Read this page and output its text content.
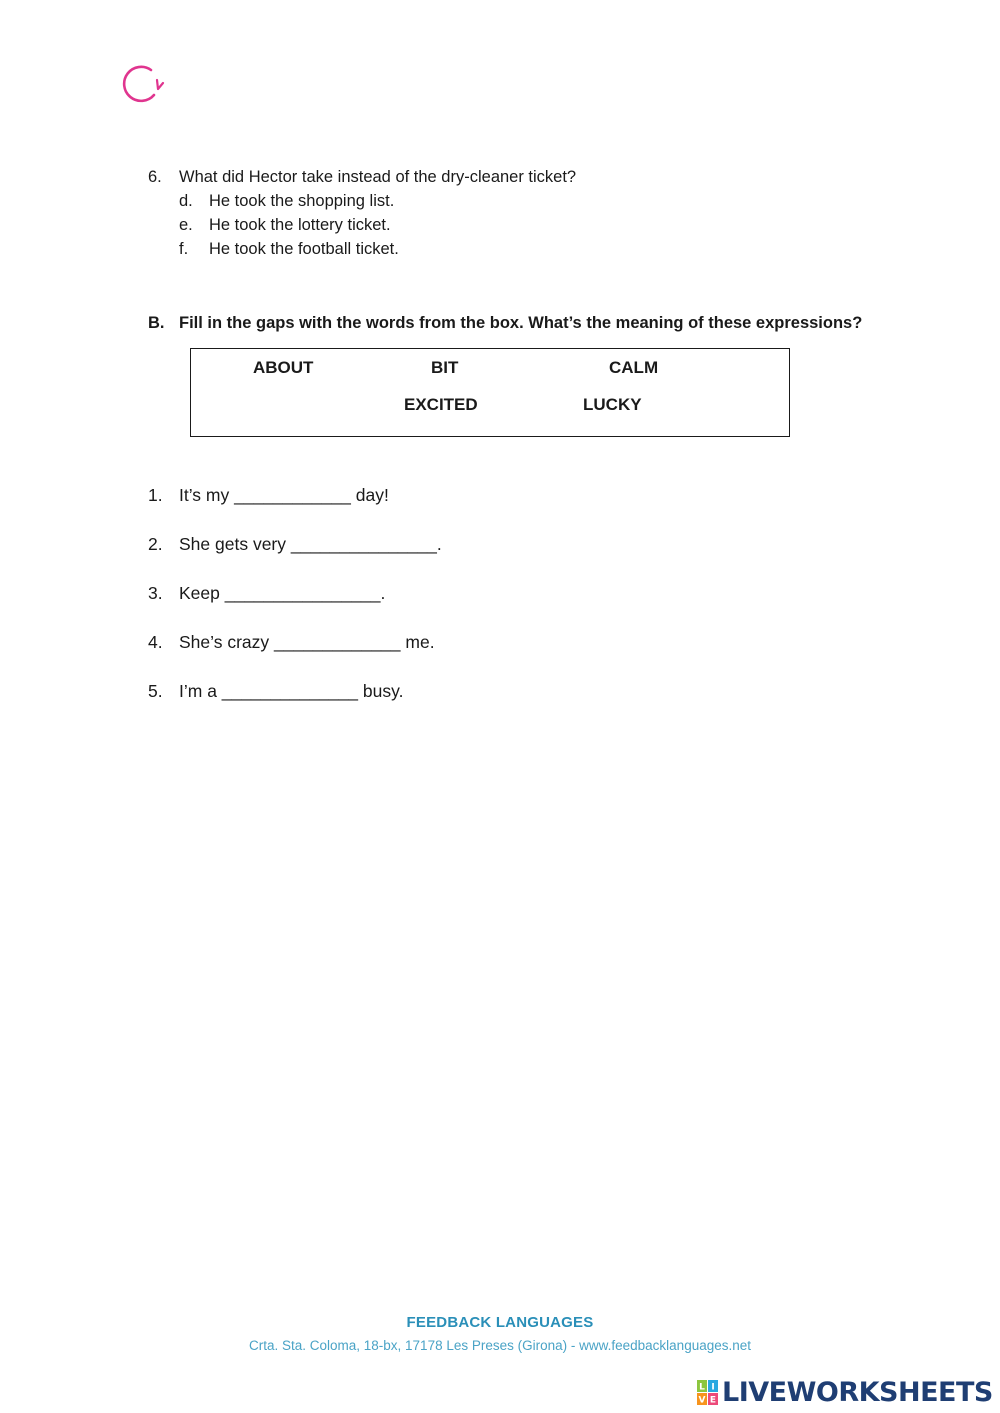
6. What did Hector take instead of the dry-cleaner ticket?
d. He took the shopping list.
e. He took the lottery ticket.
f. He took the football ticket.
B. Fill in the gaps with the words from the box. What’s the meaning of these expressions?
ABOUT	BIT	CALM
EXCITED	LUCKY
1. It’s my ____________ day!
2. She gets very _______________.
3. Keep ________________.
4. She’s crazy _____________ me.
5. I’m a ______________ busy.
FEEDBACK LANGUAGES
Crta. Sta. Coloma, 18-bx, 17178 Les Preses (Girona) - www.feedbacklanguages.net
L I
V E LIVEWORKSHEETS
